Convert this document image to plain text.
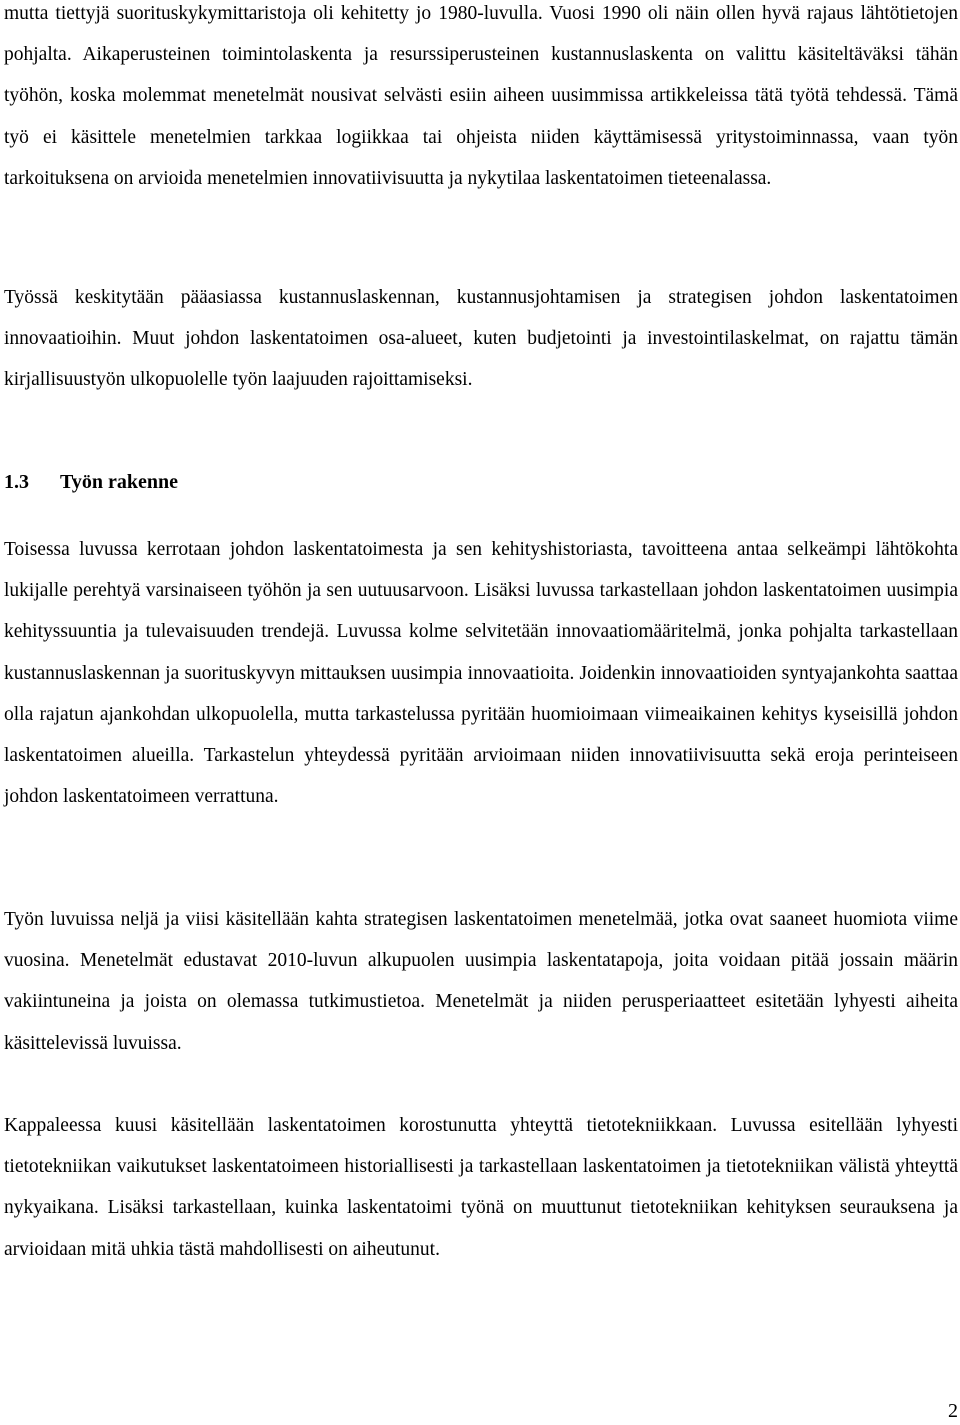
mutta tiettyjä suorituskykymittaristoja oli kehitetty jo 1980-luvulla. Vuosi 1990 oli näin ollen hyvä rajaus lähtötietojen pohjalta. Aikaperusteinen toimintolaskenta ja resurssiperusteinen kustannuslaskenta on valittu käsiteltäväksi tähän työhön, koska molemmat menetelmät nousivat selvästi esiin aiheen uusimmissa artikkeleissa tätä työtä tehdessä. Tämä työ ei käsittele menetelmien tarkkaa logiikkaa tai ohjeista niiden käyttämisessä yritystoiminnassa, vaan työn tarkoituksena on arvioida menetelmien innovatiivisuutta ja nykytilaa laskentatoimen tieteenalassa.

Työssä keskitytään pääasiassa kustannuslaskennan, kustannusjohtamisen ja strategisen johdon laskentatoimen innovaatioihin. Muut johdon laskentatoimen osa-alueet, kuten budjetointi ja investointilaskelmat, on rajattu tämän kirjallisuustyön ulkopuolelle työn laajuuden rajoittamiseksi.

1.3 Työn rakenne

Toisessa luvussa kerrotaan johdon laskentatoimesta ja sen kehityshistoriasta, tavoitteena antaa selkeämpi lähtökohta lukijalle perehtyä varsinaiseen työhön ja sen uutuusarvoon. Lisäksi luvussa tarkastellaan johdon laskentatoimen uusimpia kehityssuuntia ja tulevaisuuden trendejä. Luvussa kolme selvitetään innovaatiomääritelmä, jonka pohjalta tarkastellaan kustannuslaskennan ja suorituskyvyn mittauksen uusimpia innovaatioita. Joidenkin innovaatioiden syntyajankohta saattaa olla rajatun ajankohdan ulkopuolella, mutta tarkastelussa pyritään huomioimaan viimeaikainen kehitys kyseisillä johdon laskentatoimen alueilla. Tarkastelun yhteydessä pyritään arvioimaan niiden innovatiivisuutta sekä eroja perinteiseen johdon laskentatoimeen verrattuna.

Työn luvuissa neljä ja viisi käsitellään kahta strategisen laskentatoimen menetelmää, jotka ovat saaneet huomiota viime vuosina. Menetelmät edustavat 2010-luvun alkupuolen uusimpia laskentatapoja, joita voidaan pitää jossain määrin vakiintuneina ja joista on olemassa tutkimustietoa. Menetelmät ja niiden perusperiaatteet esitetään lyhyesti aiheita käsittelevissä luvuissa.

Kappaleessa kuusi käsitellään laskentatoimen korostunutta yhteyttä tietotekniikkaan. Luvussa esitellään lyhyesti tietotekniikan vaikutukset laskentatoimeen historiallisesti ja tarkastellaan laskentatoimen ja tietotekniikan välistä yhteyttä nykyaikana. Lisäksi tarkastellaan, kuinka laskentatoimi työnä on muuttunut tietotekniikan kehityksen seurauksena ja arvioidaan mitä uhkia tästä mahdollisesti on aiheutunut.

2
